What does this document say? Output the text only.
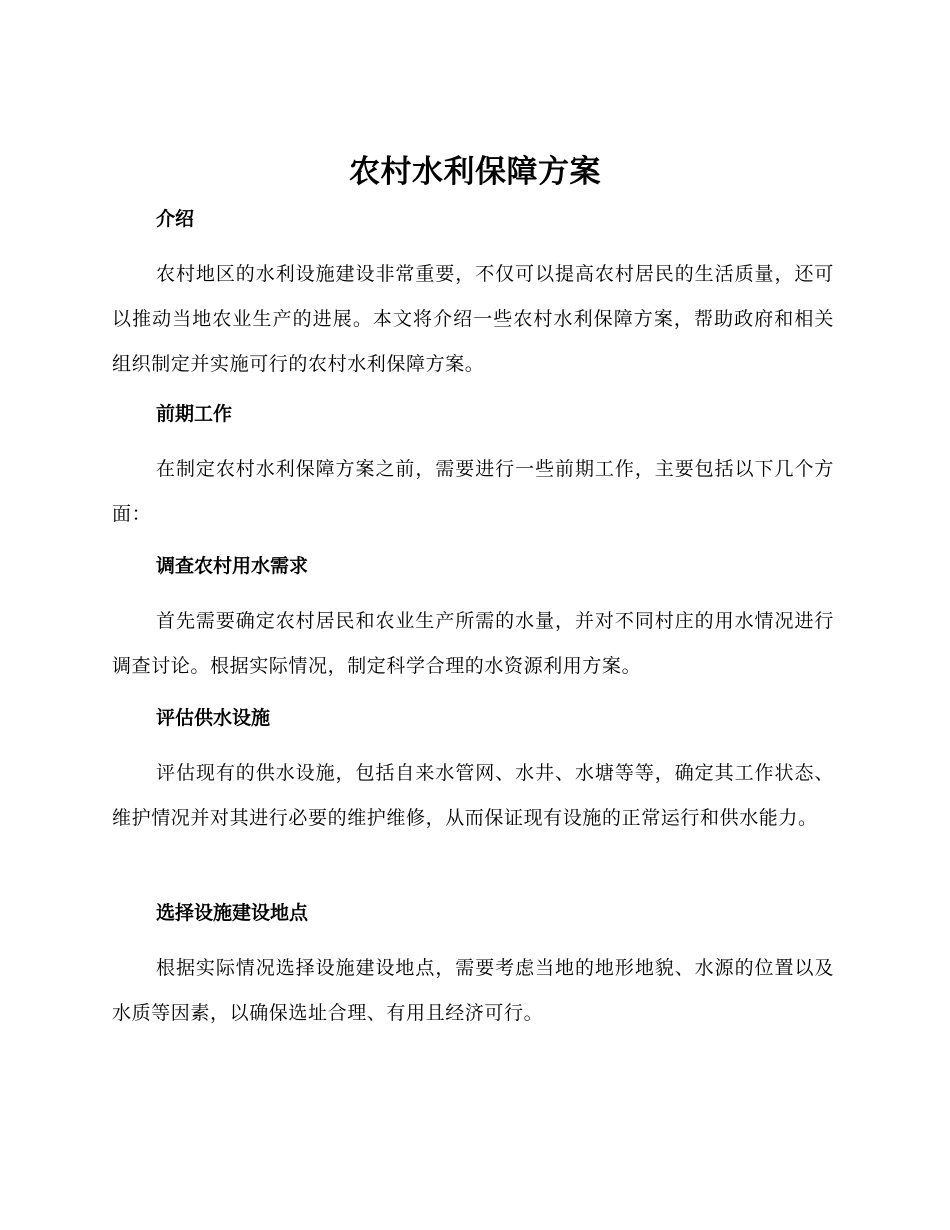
农村水利保障方案
介绍
农村地区的水利设施建设非常重要，不仅可以提高农村居民的生活质量，还可以推动当地农业生产的进展。本文将介绍一些农村水利保障方案，帮助政府和相关组织制定并实施可行的农村水利保障方案。
前期工作
在制定农村水利保障方案之前，需要进行一些前期工作，主要包括以下几个方面：
调查农村用水需求
首先需要确定农村居民和农业生产所需的水量，并对不同村庄的用水情况进行调查讨论。根据实际情况，制定科学合理的水资源利用方案。
评估供水设施
评估现有的供水设施，包括自来水管网、水井、水塘等等，确定其工作状态、维护情况并对其进行必要的维护维修，从而保证现有设施的正常运行和供水能力。
选择设施建设地点
根据实际情况选择设施建设地点，需要考虑当地的地形地貌、水源的位置以及水质等因素，以确保选址合理、有用且经济可行。
